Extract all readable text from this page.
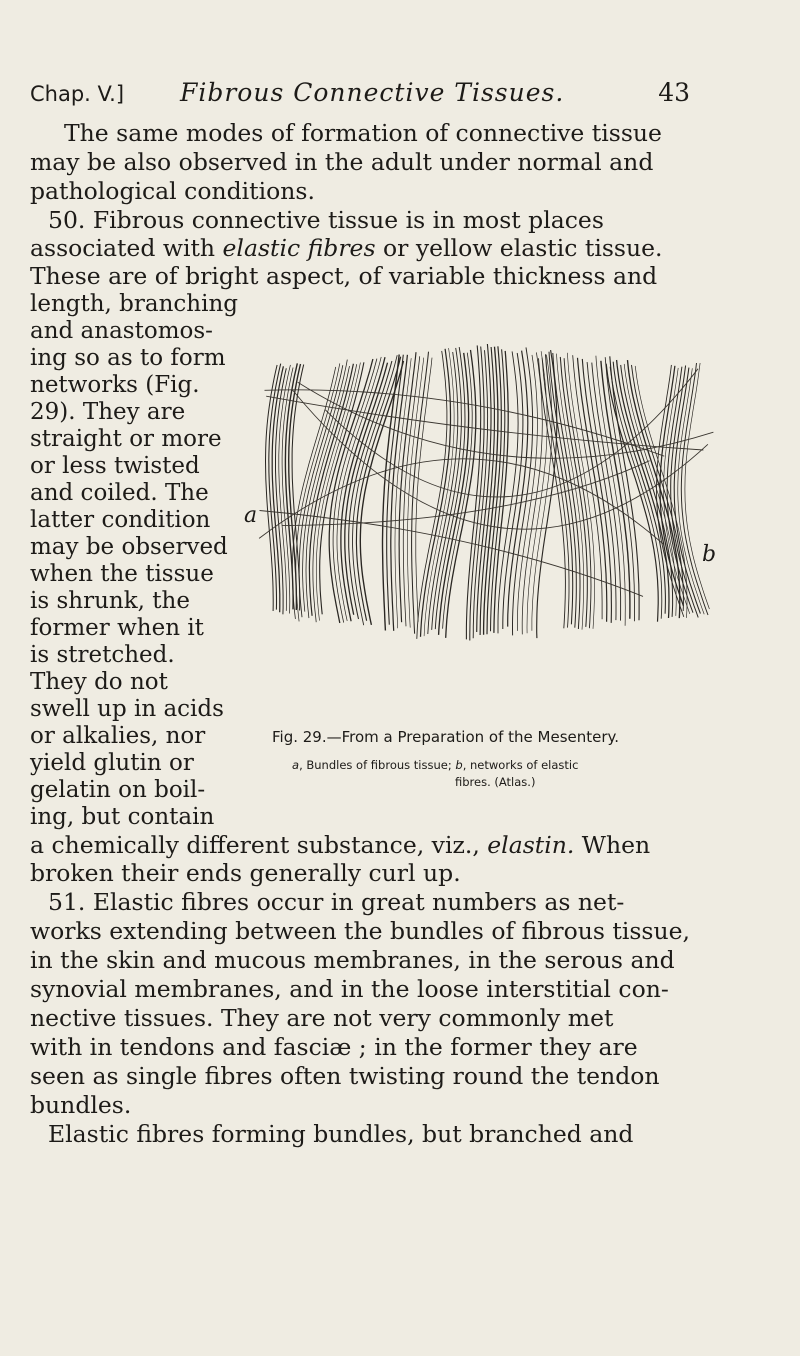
Chap. V.] Fibrous Connective Tissues.	43
The same modes of formation of connective tissue
may be also observed in the adult under normal and
pathological conditions.
50. Fibrous connective tissue is in most places
associated with elastic fibres or yellow elastic tissue.
These are of bright aspect, of variable thickness and
length, branching
and anastomos-
ing so as to form
networks (Fig.
29). They are
straight or more
or less twisted
and coiled. The
latter condition
may be observed
when the tissue
is shrunk, the
former when it
is stretched.
They do not
swell up in acids
or alkalies, nor
yield glutin or
gelatin on boil-
ing, but contain
a
b
Fig. 29.—From a Preparation of the Mesentery.
a, Bundles of fibrous tissue; b, networks of elastic
fibres. (Atlas.)
a chemically different substance, viz., elastin. When
broken their ends generally curl up.
51. Elastic fibres occur in great numbers as net-
works extending between the bundles of fibrous tissue,
in the skin and mucous membranes, in the serous and
synovial membranes, and in the loose interstitial con-
nective tissues. They are not very commonly met
with in tendons and fasciæ ; in the former they are
seen as single fibres often twisting round the tendon
bundles.
Elastic fibres forming bundles, but branched and
